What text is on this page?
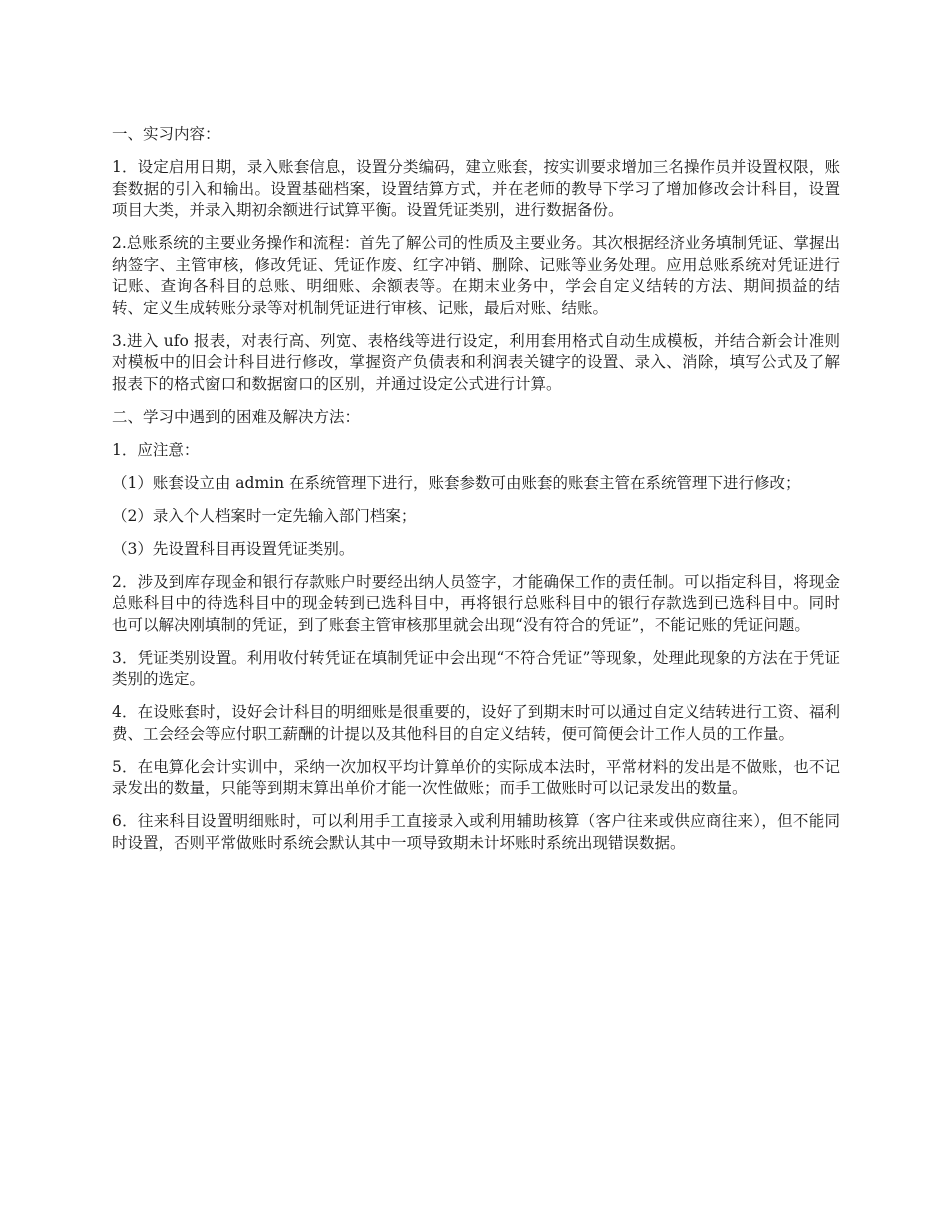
一、实习内容：

1．设定启用日期，录入账套信息，设置分类编码，建立账套，按实训要求增加三名操作员并设置权限，账套数据的引入和输出。设置基础档案，设置结算方式，并在老师的教导下学习了增加修改会计科目，设置项目大类，并录入期初余额进行试算平衡。设置凭证类别，进行数据备份。

2.总账系统的主要业务操作和流程：首先了解公司的性质及主要业务。其次根据经济业务填制凭证、掌握出纳签字、主管审核，修改凭证、凭证作废、红字冲销、删除、记账等业务处理。应用总账系统对凭证进行记账、查询各科目的总账、明细账、余额表等。在期末业务中，学会自定义结转的方法、期间损益的结转、定义生成转账分录等对机制凭证进行审核、记账，最后对账、结账。

3.进入 ufo 报表，对表行高、列宽、表格线等进行设定，利用套用格式自动生成模板，并结合新会计准则对模板中的旧会计科目进行修改，掌握资产负债表和利润表关键字的设置、录入、消除，填写公式及了解报表下的格式窗口和数据窗口的区别，并通过设定公式进行计算。

二、学习中遇到的困难及解决方法：

1．应注意：

（1）账套设立由 admin 在系统管理下进行，账套参数可由账套的账套主管在系统管理下进行修改；

（2）录入个人档案时一定先输入部门档案；

（3）先设置科目再设置凭证类别。

2．涉及到库存现金和银行存款账户时要经出纳人员签字，才能确保工作的责任制。可以指定科目，将现金总账科目中的待选科目中的现金转到已选科目中，再将银行总账科目中的银行存款选到已选科目中。同时也可以解决刚填制的凭证，到了账套主管审核那里就会出现“没有符合的凭证”，不能记账的凭证问题。

3．凭证类别设置。利用收付转凭证在填制凭证中会出现“不符合凭证”等现象，处理此现象的方法在于凭证类别的选定。

4．在设账套时，设好会计科目的明细账是很重要的，设好了到期末时可以通过自定义结转进行工资、福利费、工会经会等应付职工薪酬的计提以及其他科目的自定义结转，便可简便会计工作人员的工作量。

5．在电算化会计实训中，采纳一次加权平均计算单价的实际成本法时，平常材料的发出是不做账，也不记录发出的数量，只能等到期末算出单价才能一次性做账；而手工做账时可以记录发出的数量。

6．往来科目设置明细账时，可以利用手工直接录入或利用辅助核算（客户往来或供应商往来），但不能同时设置，否则平常做账时系统会默认其中一项导致期未计坏账时系统出现错误数据。
